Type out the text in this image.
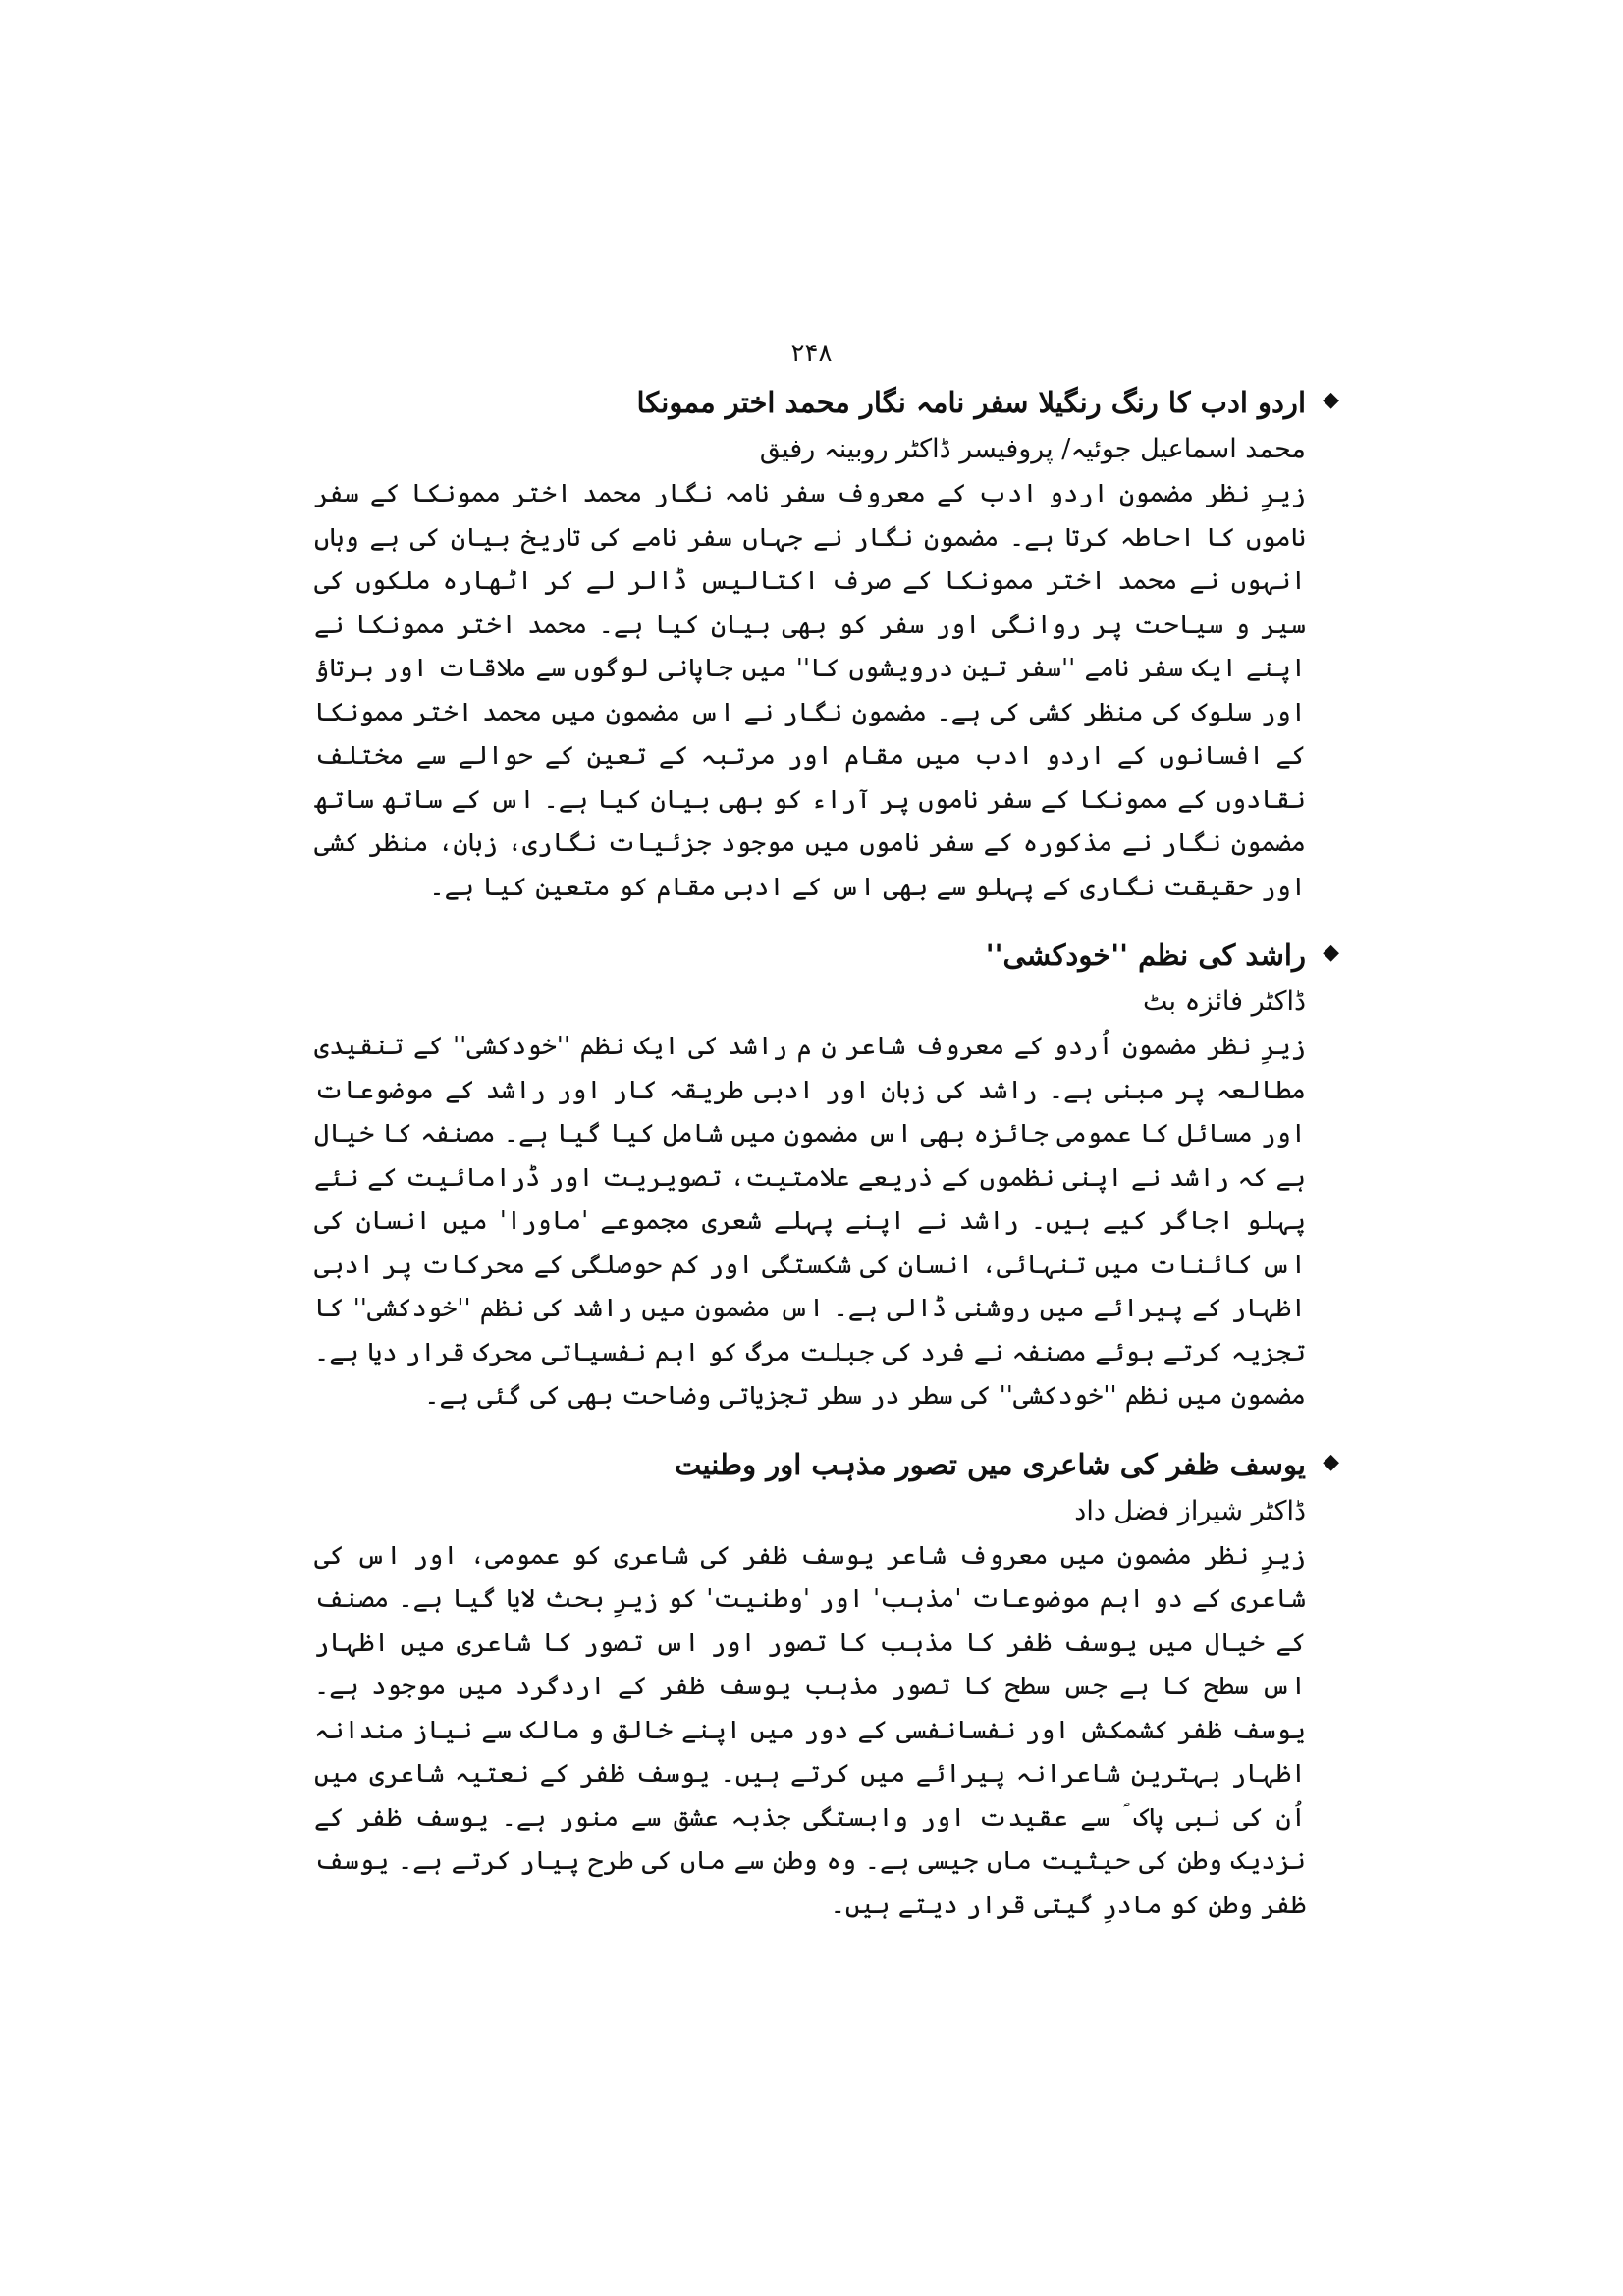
۲۴۸
◆
اردو ادب کا رنگ رنگیلا سفر نامہ نگار محمد اختر ممونکا

محمد اسماعیل جوئیہ/ پروفیسر ڈاکٹر روبینہ رفیق

زیرِ نظر مضمون اردو ادب کے معروف سفر نامہ نگار محمد اختر ممونکا کے سفر ناموں کا احاطہ کرتا ہے۔ مضمون نگار نے جہاں سفر نامے کی تاریخ بیان کی ہے وہاں انہوں نے محمد اختر ممونکا کے صرف اکتالیس ڈالر لے کر اٹھارہ ملکوں کی سیر و سیاحت پر روانگی اور سفر کو بھی بیان کیا ہے۔ محمد اختر ممونکا نے اپنے ایک سفر نامے ''سفر تین درویشوں کا'' میں جاپانی لوگوں سے ملاقات اور برتاؤ اور سلوک کی منظر کشی کی ہے۔ مضمون نگار نے اس مضمون میں محمد اختر ممونکا کے افسانوں کے اردو ادب میں مقام اور مرتبہ کے تعین کے حوالے سے مختلف نقادوں کے ممونکا کے سفر ناموں پر آراء کو بھی بیان کیا ہے۔ اس کے ساتھ ساتھ مضمون نگار نے مذکورہ کے سفر ناموں میں موجود جزئیات نگاری، زبان، منظر کشی اور حقیقت نگاری کے پہلو سے بھی اس کے ادبی مقام کو متعین کیا ہے۔

◆
راشد کی نظم ''خودکشی''

ڈاکٹر فائزہ بٹ

زیرِ نظر مضمون اُردو کے معروف شاعر ن م راشد کی ایک نظم ''خودکشی'' کے تنقیدی مطالعہ پر مبنی ہے۔ راشد کی زبان اور ادبی طریقہ کار اور راشد کے موضوعات اور مسائل کا عمومی جائزہ بھی اس مضمون میں شامل کیا گیا ہے۔ مصنفہ کا خیال ہے کہ راشد نے اپنی نظموں کے ذریعے علامتیت، تصویریت اور ڈرامائیت کے نئے پہلو اجاگر کیے ہیں۔ راشد نے اپنے پہلے شعری مجموعے 'ماورا' میں انسان کی اس کائنات میں تنہائی، انسان کی شکستگی اور کم حوصلگی کے محرکات پر ادبی اظہار کے پیرائے میں روشنی ڈالی ہے۔ اس مضمون میں راشد کی نظم ''خودکشی'' کا تجزیہ کرتے ہوئے مصنفہ نے فرد کی جبلت مرگ کو اہم نفسیاتی محرک قرار دیا ہے۔ مضمون میں نظم ''خودکشی'' کی سطر در سطر تجزیاتی وضاحت بھی کی گئی ہے۔

◆
یوسف ظفر کی شاعری میں تصور مذہب اور وطنیت

ڈاکٹر شیراز فضل داد

زیرِ نظر مضمون میں معروف شاعر یوسف ظفر کی شاعری کو عمومی، اور اس کی شاعری کے دو اہم موضوعات 'مذہب' اور 'وطنیت' کو زیرِ بحث لایا گیا ہے۔ مصنف کے خیال میں یوسف ظفر کا مذہب کا تصور اور اس تصور کا شاعری میں اظہار اس سطح کا ہے جس سطح کا تصور مذہب یوسف ظفر کے اردگرد میں موجود ہے۔ یوسف ظفر کشمکش اور نفسانفسی کے دور میں اپنے خالق و مالک سے نیاز مندانہ اظہار بہترین شاعرانہ پیرائے میں کرتے ہیں۔ یوسف ظفر کے نعتیہ شاعری میں اُن کی نبی پاک ؐ سے عقیدت اور وابستگی جذبہ عشق سے منور ہے۔ یوسف ظفر کے نزدیک وطن کی حیثیت ماں جیسی ہے۔ وہ وطن سے ماں کی طرح پیار کرتے ہے۔ یوسف ظفر وطن کو مادرِ گیتی قرار دیتے ہیں۔
